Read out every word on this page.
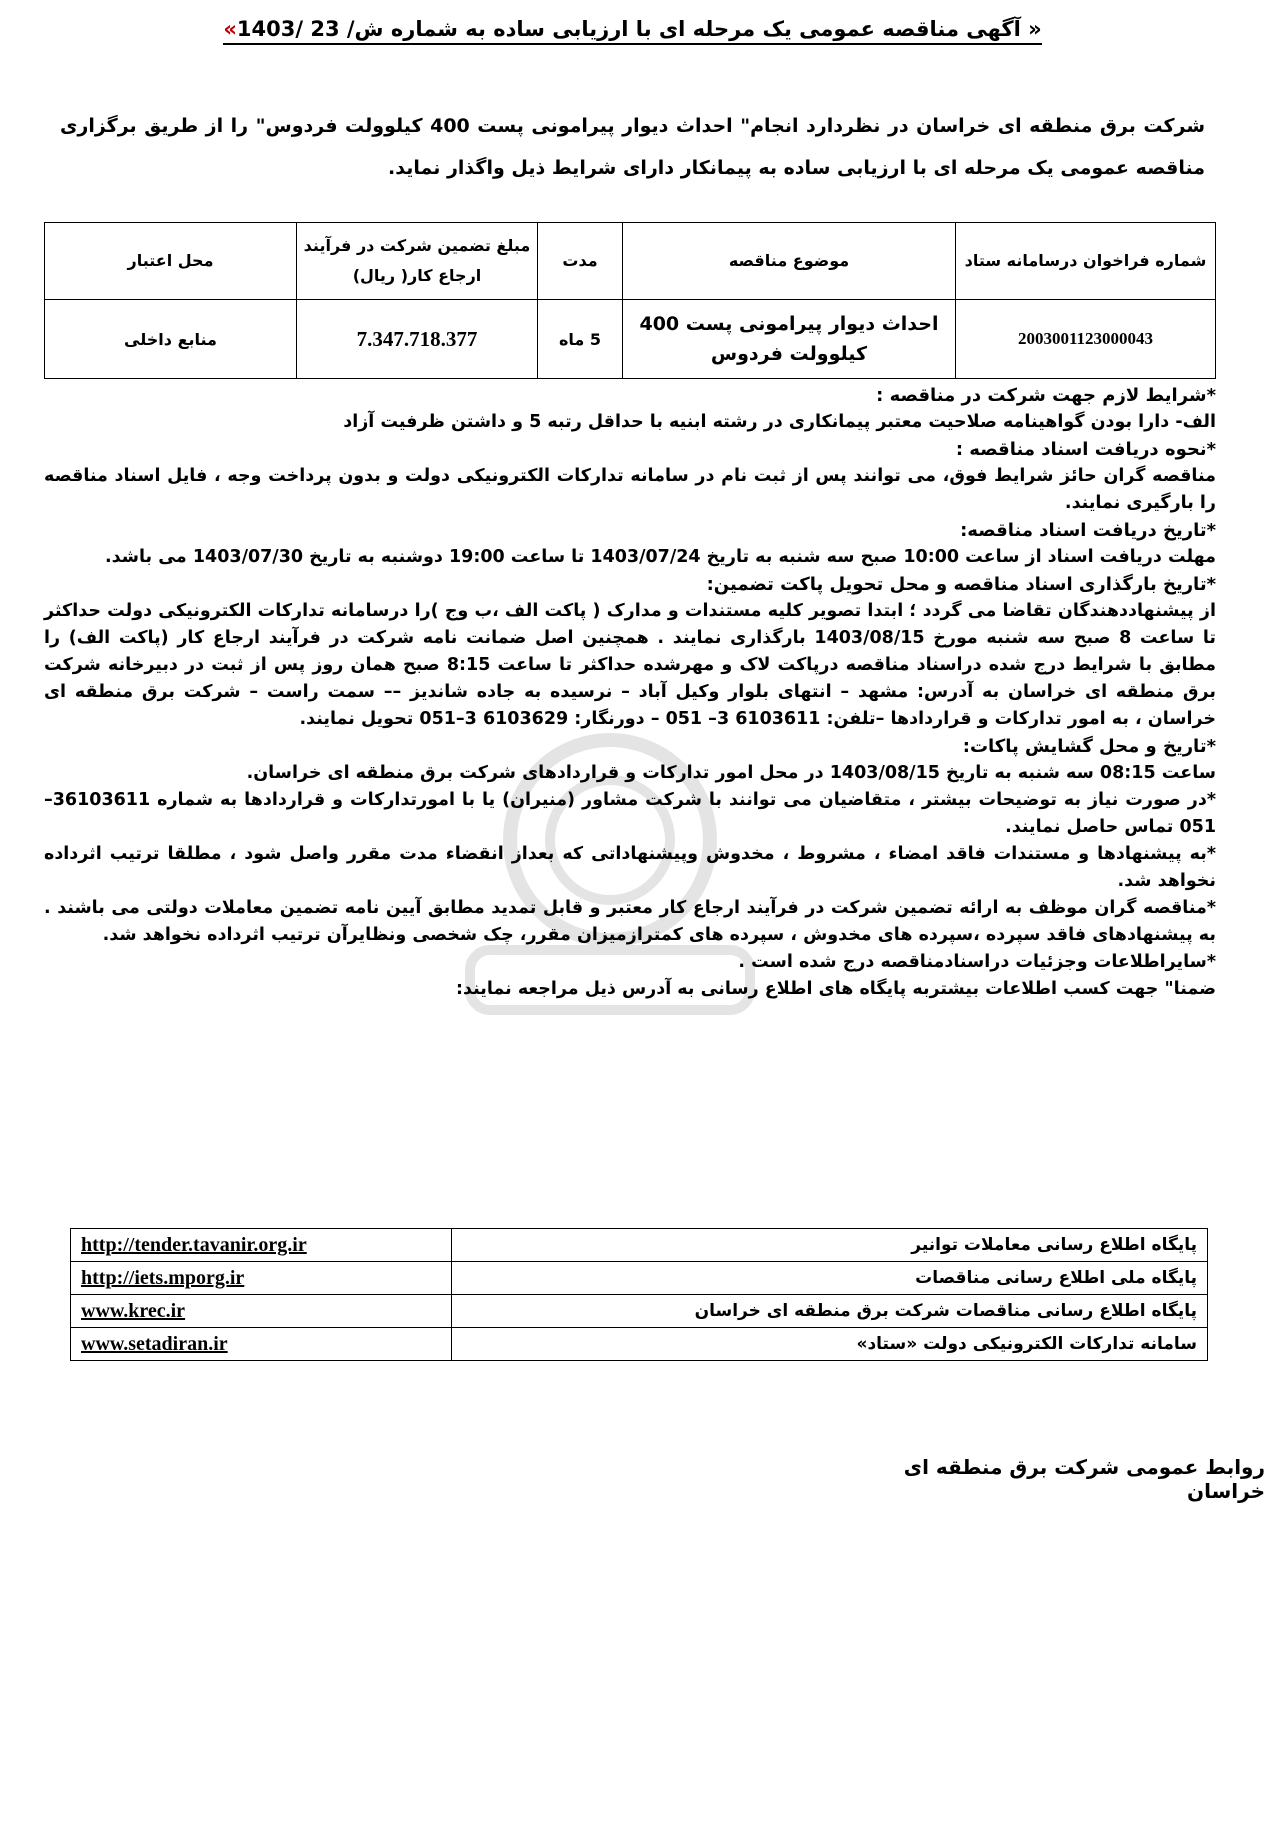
«آگهی مناقصه عمومی یک مرحله ای با ارزیابی ساده به شماره ش/ 23 /1403 »
شرکت برق منطقه ای خراسان در نظردارد انجام" احداث دیوار پیرامونی پست 400 کیلوولت فردوس" را از طریق برگزاری مناقصه عمومی یک مرحله ای با ارزیابی ساده به پیمانکار دارای شرایط ذیل واگذار نماید.
شماره فراخوان درسامانه ستاد	موضوع مناقصه	مدت	مبلغ تضمین شرکت در فرآیند ارجاع کار( ریال)	محل اعتبار
2003001123000043	احداث دیوار پیرامونی پست 400 کیلوولت فردوس	5 ماه	7.347.718.377	منابع داخلی

*شرایط لازم جهت شرکت در مناقصه :

الف- دارا بودن گواهینامه صلاحیت معتبر پیمانکاری در رشته ابنیه با حداقل رتبه 5 و داشتن ظرفیت آزاد

*نحوه دریافت اسناد مناقصه :

مناقصه گران حائز شرایط فوق، می توانند پس از ثبت نام در سامانه تدارکات الکترونیکی دولت و بدون پرداخت وجه ، فایل اسناد مناقصه را بارگیری نمایند.

*تاریخ دریافت اسناد مناقصه:

مهلت دریافت اسناد از ساعت 10:00 صبح سه شنبه به تاریخ 1403/07/24 تا ساعت 19:00 دوشنبه به تاریخ 1403/07/30 می باشد.

*تاریخ بارگذاری اسناد مناقصه و محل تحویل پاکت تضمین:

از پیشنهاددهندگان تقاضا می گردد ؛ ابتدا تصویر کلیه مستندات و مدارک ( پاکت الف ،ب وج )را درسامانه تدارکات الکترونیکی دولت حداکثر تا ساعت 8 صبح سه شنبه مورخ 1403/08/15 بارگذاری نمایند . همچنین اصل ضمانت نامه شرکت در فرآیند ارجاع کار (پاکت الف) را مطابق با شرایط درج شده دراسناد مناقصه درپاکت لاک و مهرشده حداکثر تا ساعت 8:15 صبح همان روز پس از ثبت در دبیرخانه شرکت برق منطقه ای خراسان به آدرس: مشهد – انتهای بلوار وکیل آباد – نرسیده به جاده شاندیز –– سمت راست – شرکت برق منطقه ای خراسان ، به امور تدارکات و قراردادها –تلفن: 6103611 3– 051 – دورنگار: 6103629 3–051 تحویل نمایند.

*تاریخ و محل گشایش پاکات:

ساعت 08:15 سه شنبه به تاریخ 1403/08/15 در محل امور تدارکات و قراردادهای شرکت برق منطقه ای خراسان.

*در صورت نیاز به توضیحات بیشتر ، متقاضیان می توانند با شرکت مشاور (منیران) یا با امورتدارکات و قراردادها به شماره 36103611–051 تماس حاصل نمایند.

*به پیشنهادها و مستندات فاقد امضاء ، مشروط ، مخدوش وپیشنهاداتی که بعداز انقضاء مدت مقرر واصل شود ، مطلقا ترتیب اثرداده نخواهد شد.

*مناقصه گران موظف به ارائه تضمین شرکت در فرآیند ارجاع کار معتبر و قابل تمدید مطابق آیین نامه تضمین معاملات دولتی می باشند . به پیشنهادهای فاقد سپرده ،سپرده های مخدوش ، سپرده های کمترازمیزان مقرر، چک شخصی ونظایرآن ترتیب اثرداده نخواهد شد.

*سایراطلاعات وجزئیات دراسنادمناقصه درج شده است .

ضمنا" جهت کسب اطلاعات بیشتربه پایگاه های اطلاع رسانی به آدرس ذیل مراجعه نمایند:

پایگاه اطلاع رسانی معاملات توانیر	http://tender.tavanir.org.ir
پایگاه ملی اطلاع رسانی مناقصات	http://iets.mporg.ir
پایگاه اطلاع رسانی مناقصات شرکت برق منطقه ای خراسان	www.krec.ir
سامانه تدارکات الکترونیکی دولت «ستاد»	www.setadiran.ir
روابط عمومی شرکت برق منطقه ای خراسان
